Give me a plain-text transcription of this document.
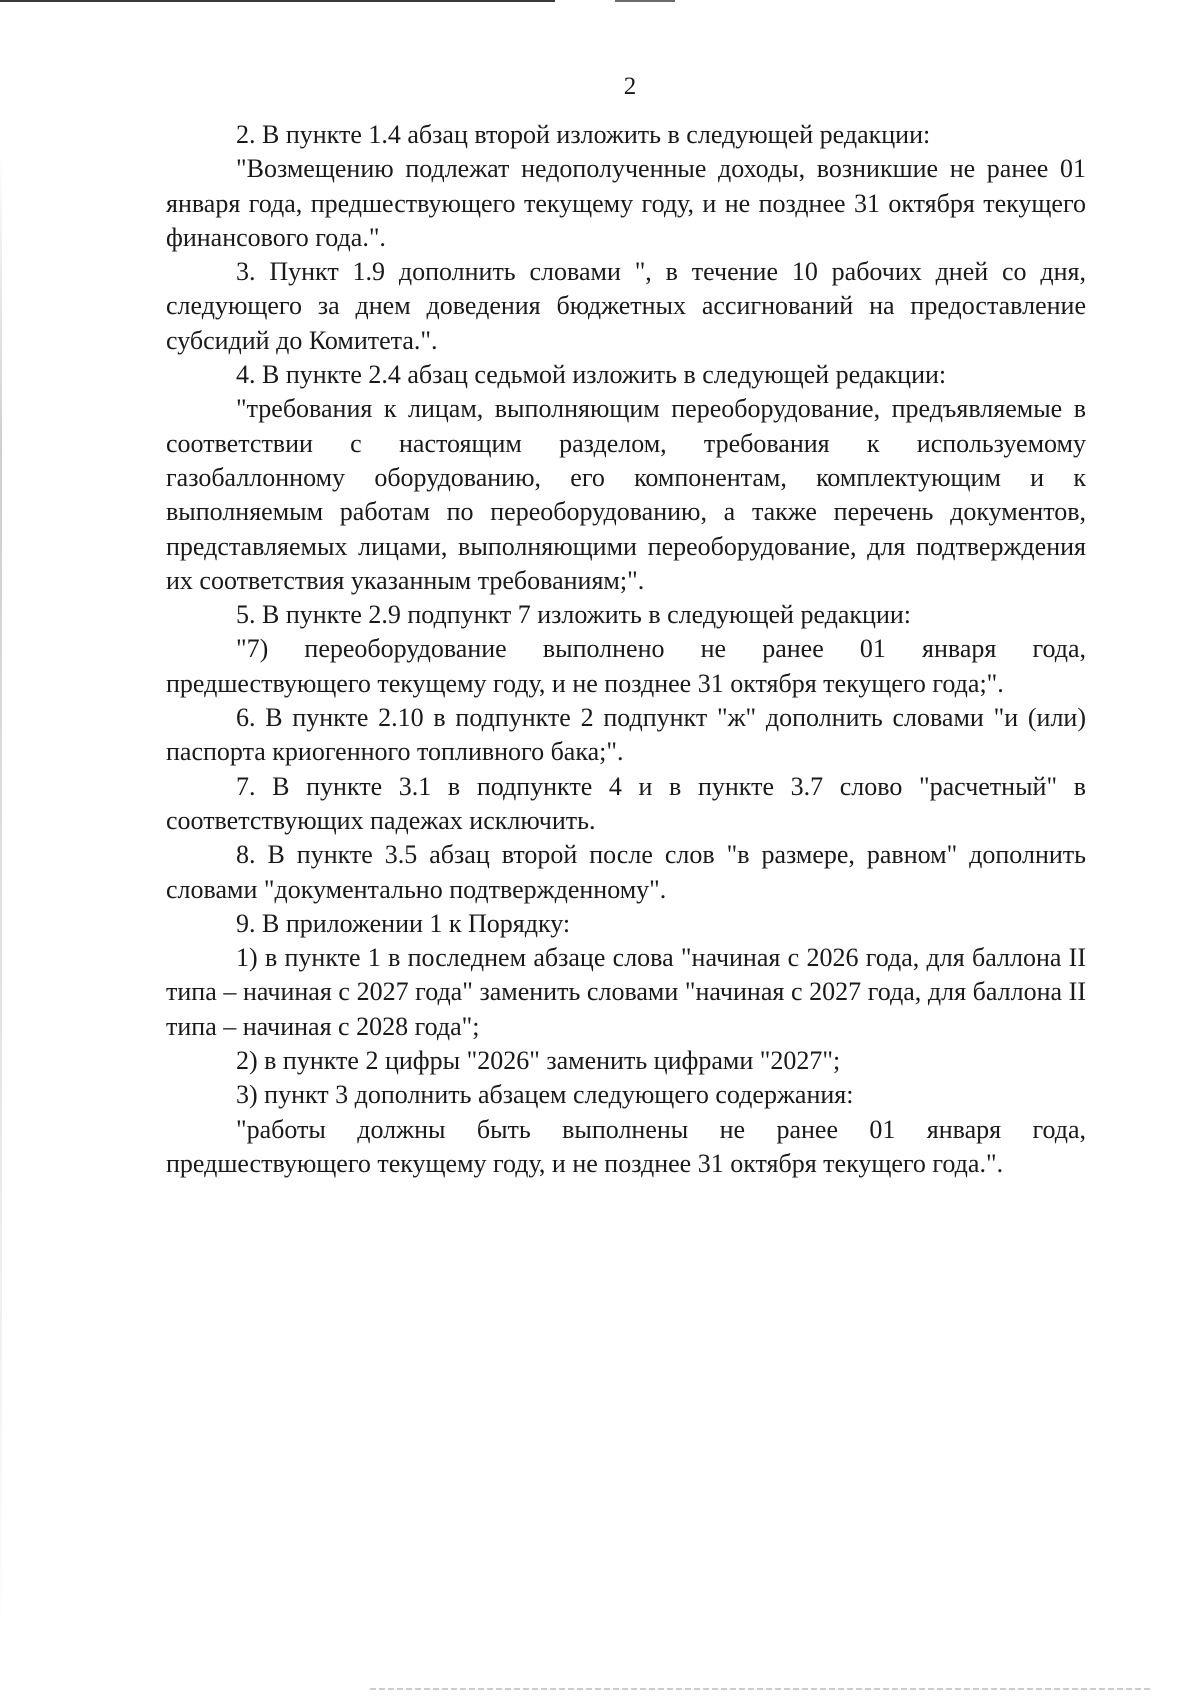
2

2. В пункте 1.4 абзац второй изложить в следующей редакции:

"Возмещению подлежат недополученные доходы, возникшие не ранее 01 января года, предшествующего текущему году, и не позднее 31 октября текущего финансового года.".

3. Пункт 1.9 дополнить словами ", в течение 10 рабочих дней со дня, следующего за днем доведения бюджетных ассигнований на предоставление субсидий до Комитета.".

4. В пункте 2.4 абзац седьмой изложить в следующей редакции:

"требования к лицам, выполняющим переоборудование, предъявляемые в соответствии с настоящим разделом, требования к используемому газобаллонному оборудованию, его компонентам, комплектующим и к выполняемым работам по переоборудованию, а также перечень документов, представляемых лицами, выполняющими переоборудование, для подтверждения их соответствия указанным требованиям;".

5. В пункте 2.9 подпункт 7 изложить в следующей редакции:

"7) переоборудование выполнено не ранее 01 января года, предшествующего текущему году, и не позднее 31 октября текущего года;".

6. В пункте 2.10 в подпункте 2 подпункт "ж" дополнить словами "и (или) паспорта криогенного топливного бака;".

7. В пункте 3.1 в подпункте 4 и в пункте 3.7 слово "расчетный" в соответствующих падежах исключить.

8. В пункте 3.5 абзац второй после слов "в размере, равном" дополнить словами "документально подтвержденному".

9. В приложении 1 к Порядку:

1) в пункте 1 в последнем абзаце слова "начиная с 2026 года, для баллона II типа – начиная с 2027 года" заменить словами "начиная с 2027 года, для баллона II типа – начиная с 2028 года";

2) в пункте 2 цифры "2026" заменить цифрами "2027";

3) пункт 3 дополнить абзацем следующего содержания:

"работы должны быть выполнены не ранее 01 января года, предшествующего текущему году, и не позднее 31 октября текущего года.".
